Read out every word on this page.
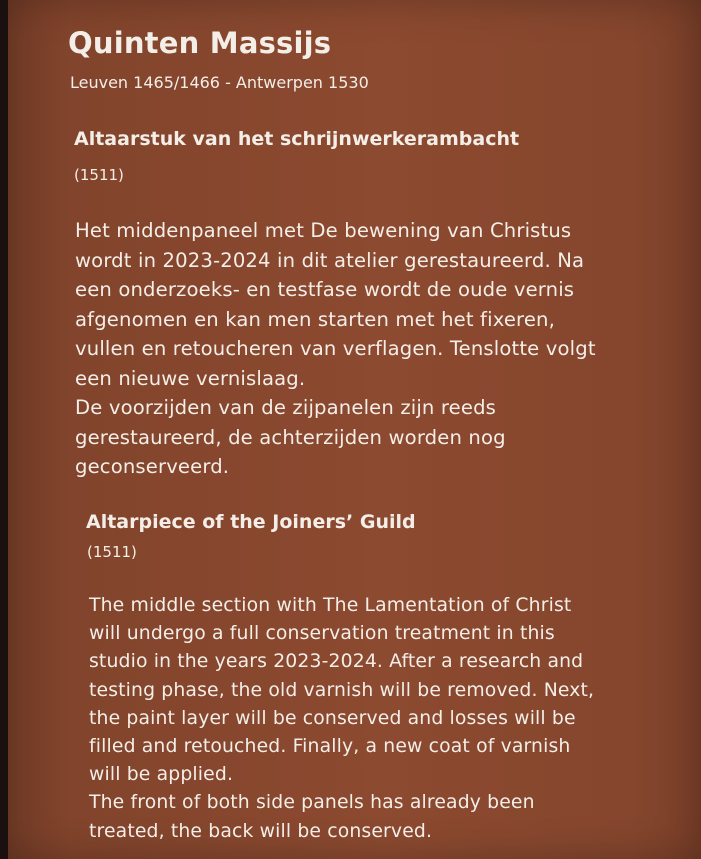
Quinten Massijs
Leuven 1465/1466 - Antwerpen 1530
Altaarstuk van het schrijnwerkerambacht
(1511)
Het middenpaneel met De bewening van Christus
wordt in 2023-2024 in dit atelier gerestaureerd. Na
een onderzoeks- en testfase wordt de oude vernis
afgenomen en kan men starten met het fixeren,
vullen en retoucheren van verflagen. Tenslotte volgt
een nieuwe vernislaag.
De voorzijden van de zijpanelen zijn reeds
gerestaureerd, de achterzijden worden nog
geconserveerd.
Altarpiece of the Joiners’ Guild
(1511)
The middle section with The Lamentation of Christ
will undergo a full conservation treatment in this
studio in the years 2023-2024. After a research and
testing phase, the old varnish will be removed. Next,
the paint layer will be conserved and losses will be
filled and retouched. Finally, a new coat of varnish
will be applied.
The front of both side panels has already been
treated, the back will be conserved.
